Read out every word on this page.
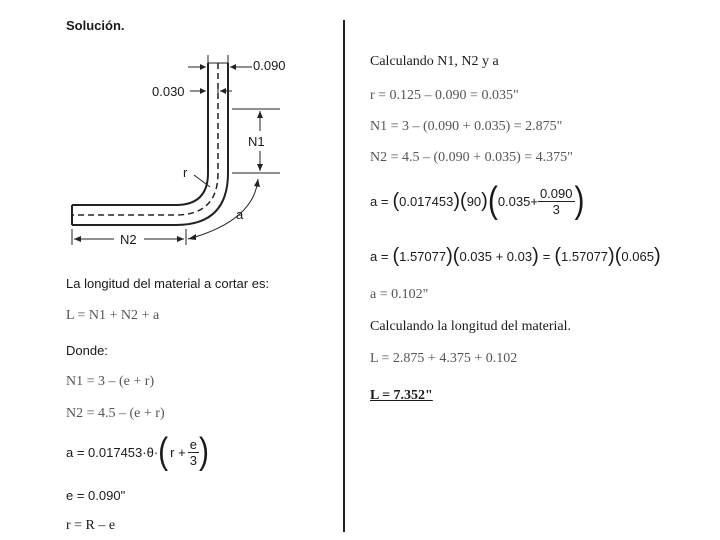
Solución.
0.090
0.030
N1
r
a
N2
La longitud del material a cortar es:
L = N1 + N2 + a
Donde:
N1 = 3 – (e + r)
N2 = 4.5 – (e + r)
a = 0.017453·θ· ( $r + \frac{e}{3}$ )
e = 0.090"
r = R – e
Calculando N1, N2 y a
r = 0.125 – 0.090 = 0.035"
N1 = 3 – (0.090 + 0.035) = 2.875"
N2 = 4.5 – (0.090 + 0.035) = 4.375"
a = ( 0.017453 ) ( 90 ) ( $0.035+ \frac{0.090}{3}$ )
a = ( 1.57077 ) ( 0.035 + 0.03 ) = ( 1.57077 ) ( 0.065 )
a = 0.102"
Calculando la longitud del material.
L = 2.875 + 4.375 + 0.102
L = 7.352"
